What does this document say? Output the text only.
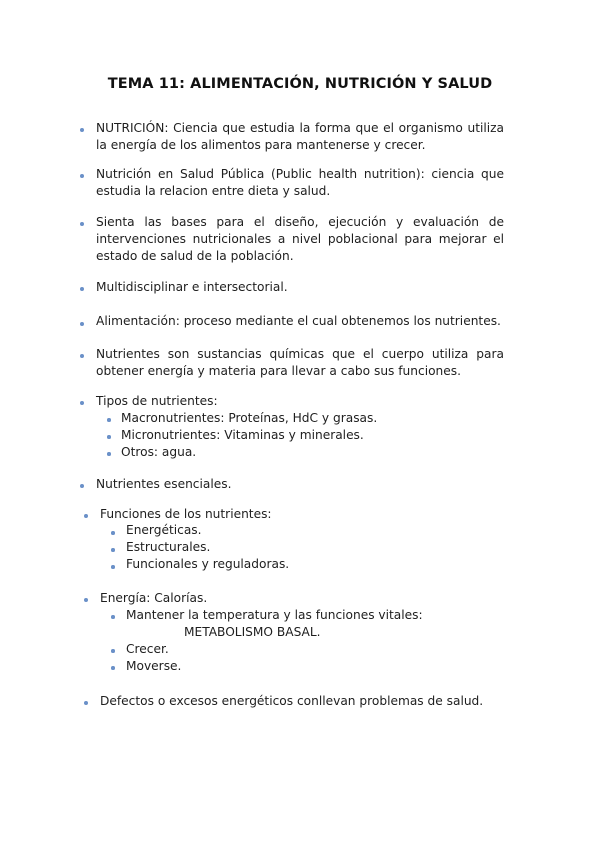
TEMA 11: ALIMENTACIÓN, NUTRICIÓN Y SALUD
NUTRICIÓN: Ciencia que estudia la forma que el organismo utiliza la energía de los alimentos para mantenerse y crecer.
Nutrición en Salud Pública (Public health nutrition): ciencia que estudia la relacion entre dieta y salud.
Sienta las bases para el diseño, ejecución y evaluación de intervenciones nutricionales a nivel poblacional para mejorar el estado de salud de la población.
Multidisciplinar e intersectorial.
Alimentación: proceso mediante el cual obtenemos los nutrientes.
Nutrientes son sustancias químicas que el cuerpo utiliza para obtener energía y materia para llevar a cabo sus funciones.
Tipos de nutrientes:
Macronutrientes: Proteínas, HdC y grasas.
Micronutrientes: Vitaminas y minerales.
Otros: agua.
Nutrientes esenciales.
Funciones de los nutrientes:
Energéticas.
Estructurales.
Funcionales y reguladoras.
Energía: Calorías.
Mantener la temperatura y las funciones vitales:
METABOLISMO BASAL.
Crecer.
Moverse.
Defectos o excesos energéticos conllevan problemas de salud.
